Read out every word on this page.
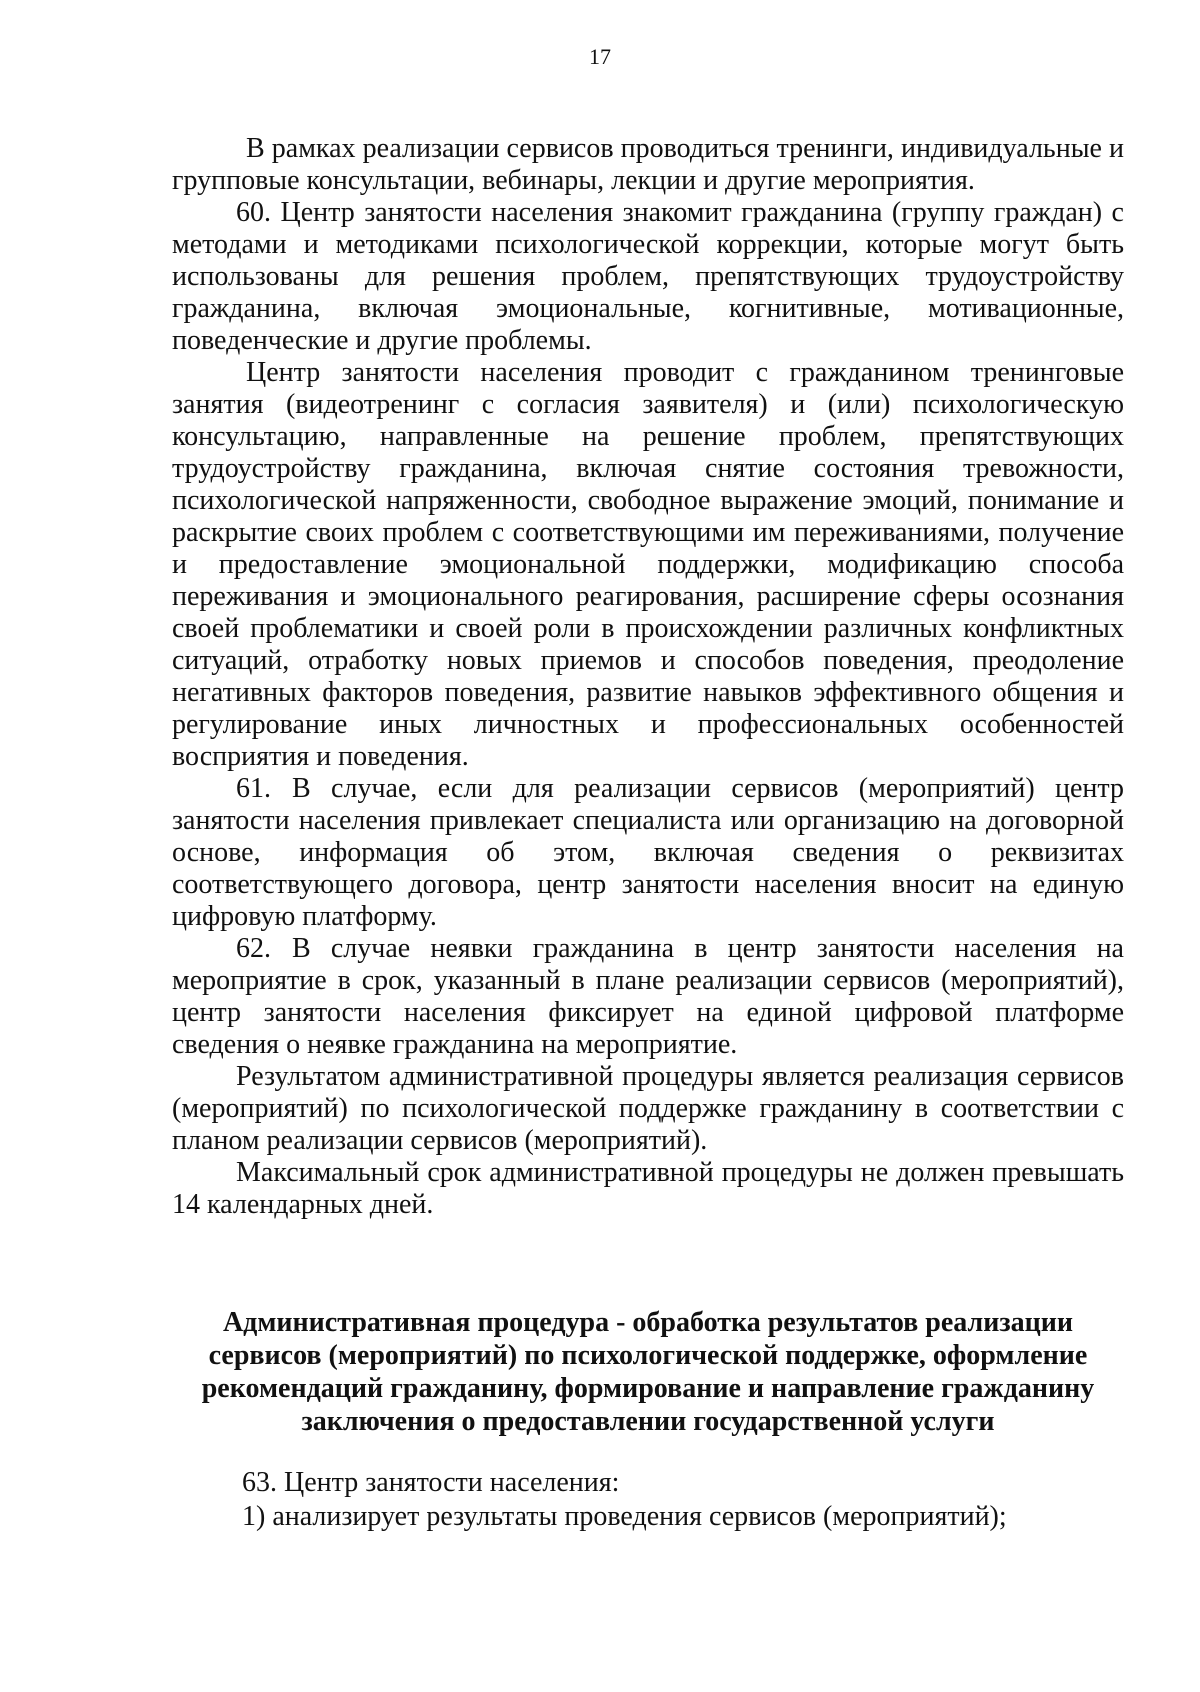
17

В рамках реализации сервисов проводиться тренинги, индивидуальные и групповые консультации, вебинары, лекции и другие мероприятия.

60. Центр занятости населения знакомит гражданина (группу граждан) с методами и методиками психологической коррекции, которые могут быть использованы для решения проблем, препятствующих трудоустройству гражданина, включая эмоциональные, когнитивные, мотивационные, поведенческие и другие проблемы.

Центр занятости населения проводит с гражданином тренинговые занятия (видеотренинг с согласия заявителя) и (или) психологическую консультацию, направленные на решение проблем, препятствующих трудоустройству гражданина, включая снятие состояния тревожности, психологической напряженности, свободное выражение эмоций, понимание и раскрытие своих проблем с соответствующими им переживаниями, получение и предоставление эмоциональной поддержки, модификацию способа переживания и эмоционального реагирования, расширение сферы осознания своей проблематики и своей роли в происхождении различных конфликтных ситуаций, отработку новых приемов и способов поведения, преодоление негативных факторов поведения, развитие навыков эффективного общения и регулирование иных личностных и профессиональных особенностей восприятия и поведения.

61. В случае, если для реализации сервисов (мероприятий) центр занятости населения привлекает специалиста или организацию на договорной основе, информация об этом, включая сведения о реквизитах соответствующего договора, центр занятости населения вносит на единую цифровую платформу.

62. В случае неявки гражданина в центр занятости населения на мероприятие в срок, указанный в плане реализации сервисов (мероприятий), центр занятости населения фиксирует на единой цифровой платформе сведения о неявке гражданина на мероприятие.

Результатом административной процедуры является реализация сервисов (мероприятий) по психологической поддержке гражданину в соответствии с планом реализации сервисов (мероприятий).

Максимальный срок административной процедуры не должен превышать 14 календарных дней.

Административная процедура - обработка результатов реализации
сервисов (мероприятий) по психологической поддержке, оформление
рекомендаций гражданину, формирование и направление гражданину
заключения о предоставлении государственной услуги

63. Центр занятости населения:

1) анализирует результаты проведения сервисов (мероприятий);
